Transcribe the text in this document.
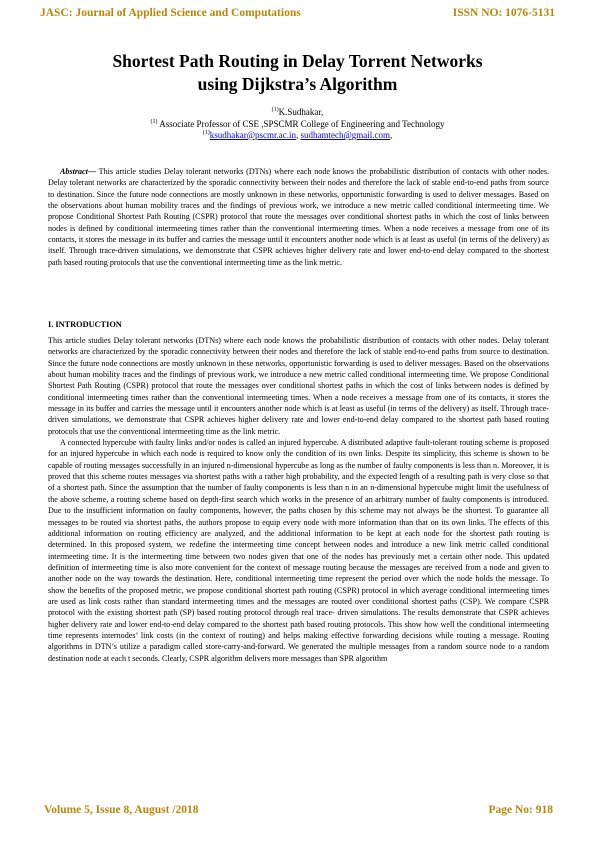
JASC: Journal of Applied Science and Computations	ISSN NO: 1076-5131
Shortest Path Routing in Delay Torrent Networks
using Dijkstra’s Algorithm
$^{(1)}$K.Sudhakar,
$^{(1)}$ Associate Professor of CSE ,SPSCMR College of Engineering and Technology
$^{(1)}$ksudhakar@pscmr.ac.in, sudhamtech@gmail.com,

Abstract— This article studies Delay tolerant networks (DTNs) where each node knows the probabilistic distribution of contacts with other nodes. Delay tolerant networks are characterized by the sporadic connectivity between their nodes and therefore the lack of stable end-to-end paths from source to destination. Since the future node connections are mostly unknown in these networks, opportunistic forwarding is used to deliver messages. Based on the observations about human mobility traces and the findings of previous work, we introduce a new metric called conditional intermeeting time. We propose Conditional Shortest Path Routing (CSPR) protocol that route the messages over conditional shortest paths in which the cost of links between nodes is defined by conditional intermeeting times rather than the conventional intermeeting times. When a node receives a message from one of its contacts, it stores the message in its buffer and carries the message until it encounters another node which is at least as useful (in terms of the delivery) as itself. Through trace-driven simulations, we demonstrate that CSPR achieves higher delivery rate and lower end-to-end delay compared to the shortest path based routing protocols that use the conventional intermeeting time as the link metric.

I. INTRODUCTION

This article studies Delay tolerant networks (DTNs) where each node knows the probabilistic distribution of contacts with other nodes. Delay tolerant networks are characterized by the sporadic connectivity between their nodes and therefore the lack of stable end-to-end paths from source to destination. Since the future node connections are mostly unknown in these networks, opportunistic forwarding is used to deliver messages. Based on the observations about human mobility traces and the findings of previous work, we introduce a new metric called conditional intermeeting time. We propose Conditional Shortest Path Routing (CSPR) protocol that route the messages over conditional shortest paths in which the cost of links between nodes is defined by conditional intermeeting times rather than the conventional intermeeting times. When a node receives a message from one of its contacts, it stores the message in its buffer and carries the message until it encounters another node which is at least as useful (in terms of the delivery) as itself. Through trace-driven simulations, we demonstrate that CSPR achieves higher delivery rate and lower end-to-end delay compared to the shortest path based routing protocols that use the conventional intermeeting time as the link metric.

A connected hypercube with faulty links and/or nodes is called an injured hypercube. A distributed adaptive fault-tolerant routing scheme is proposed for an injured hypercube in which each node is required to know only the condition of its own links. Despite its simplicity, this scheme is shown to be capable of routing messages successfully in an injured n-dimensional hypercube as long as the number of faulty components is less than n. Moreover, it is proved that this scheme routes messages via shortest paths with a rather high probability, and the expected length of a resulting path is very close so that of a shortest path. Since the assumption that the number of faulty components is less than n in an n-dimensional hypercube might limit the usefulness of the above scheme, a routing scheme based on depth-first search which works in the presence of an arbitrary number of faulty components is introduced. Due to the insufficient information on faulty components, however, the paths chosen by this scheme may not always be the shortest. To guarantee all messages to be routed via shortest paths, the authors propose to equip every node with more information than that on its own links. The effects of this additional information on routing efficiency are analyzed, and the additional information to be kept at each node for the shortest path routing is determined. In this proposed system, we redefine the intermeeting time concept between nodes and introduce a new link metric called conditional intermeeting time. It is the intermeeting time between two nodes given that one of the nodes has previously met a certain other node. This updated definition of intermeeting time is also more convenient for the context of message routing because the messages are received from a node and given to another node on the way towards the destination. Here, conditional intermeeting time represent the period over which the node holds the message. To show the benefits of the proposed metric, we propose conditional shortest path routing (CSPR) protocol in which average conditional intermeeting times are used as link costs rather than standard intermeeting times and the messages are routed over conditional shortest paths (CSP). We compare CSPR protocol with the existing shortest path (SP) based routing protocol through real trace- driven simulations. The results demonstrate that CSPR achieves higher delivery rate and lower end-to-end delay compared to the shortest path based routing protocols. This show how well the conditional intermeeting time represents internodes’ link costs (in the context of routing) and helps making effective forwarding decisions while routing a message. Routing algorithms in DTN’s utilize a paradigm called store-carry-and-forward. We generated the multiple messages from a random source node to a random destination node at each t seconds. Clearly, CSPR algorithm delivers more messages than SPR algorithm

Volume 5, Issue 8, August /2018	Page No: 918
